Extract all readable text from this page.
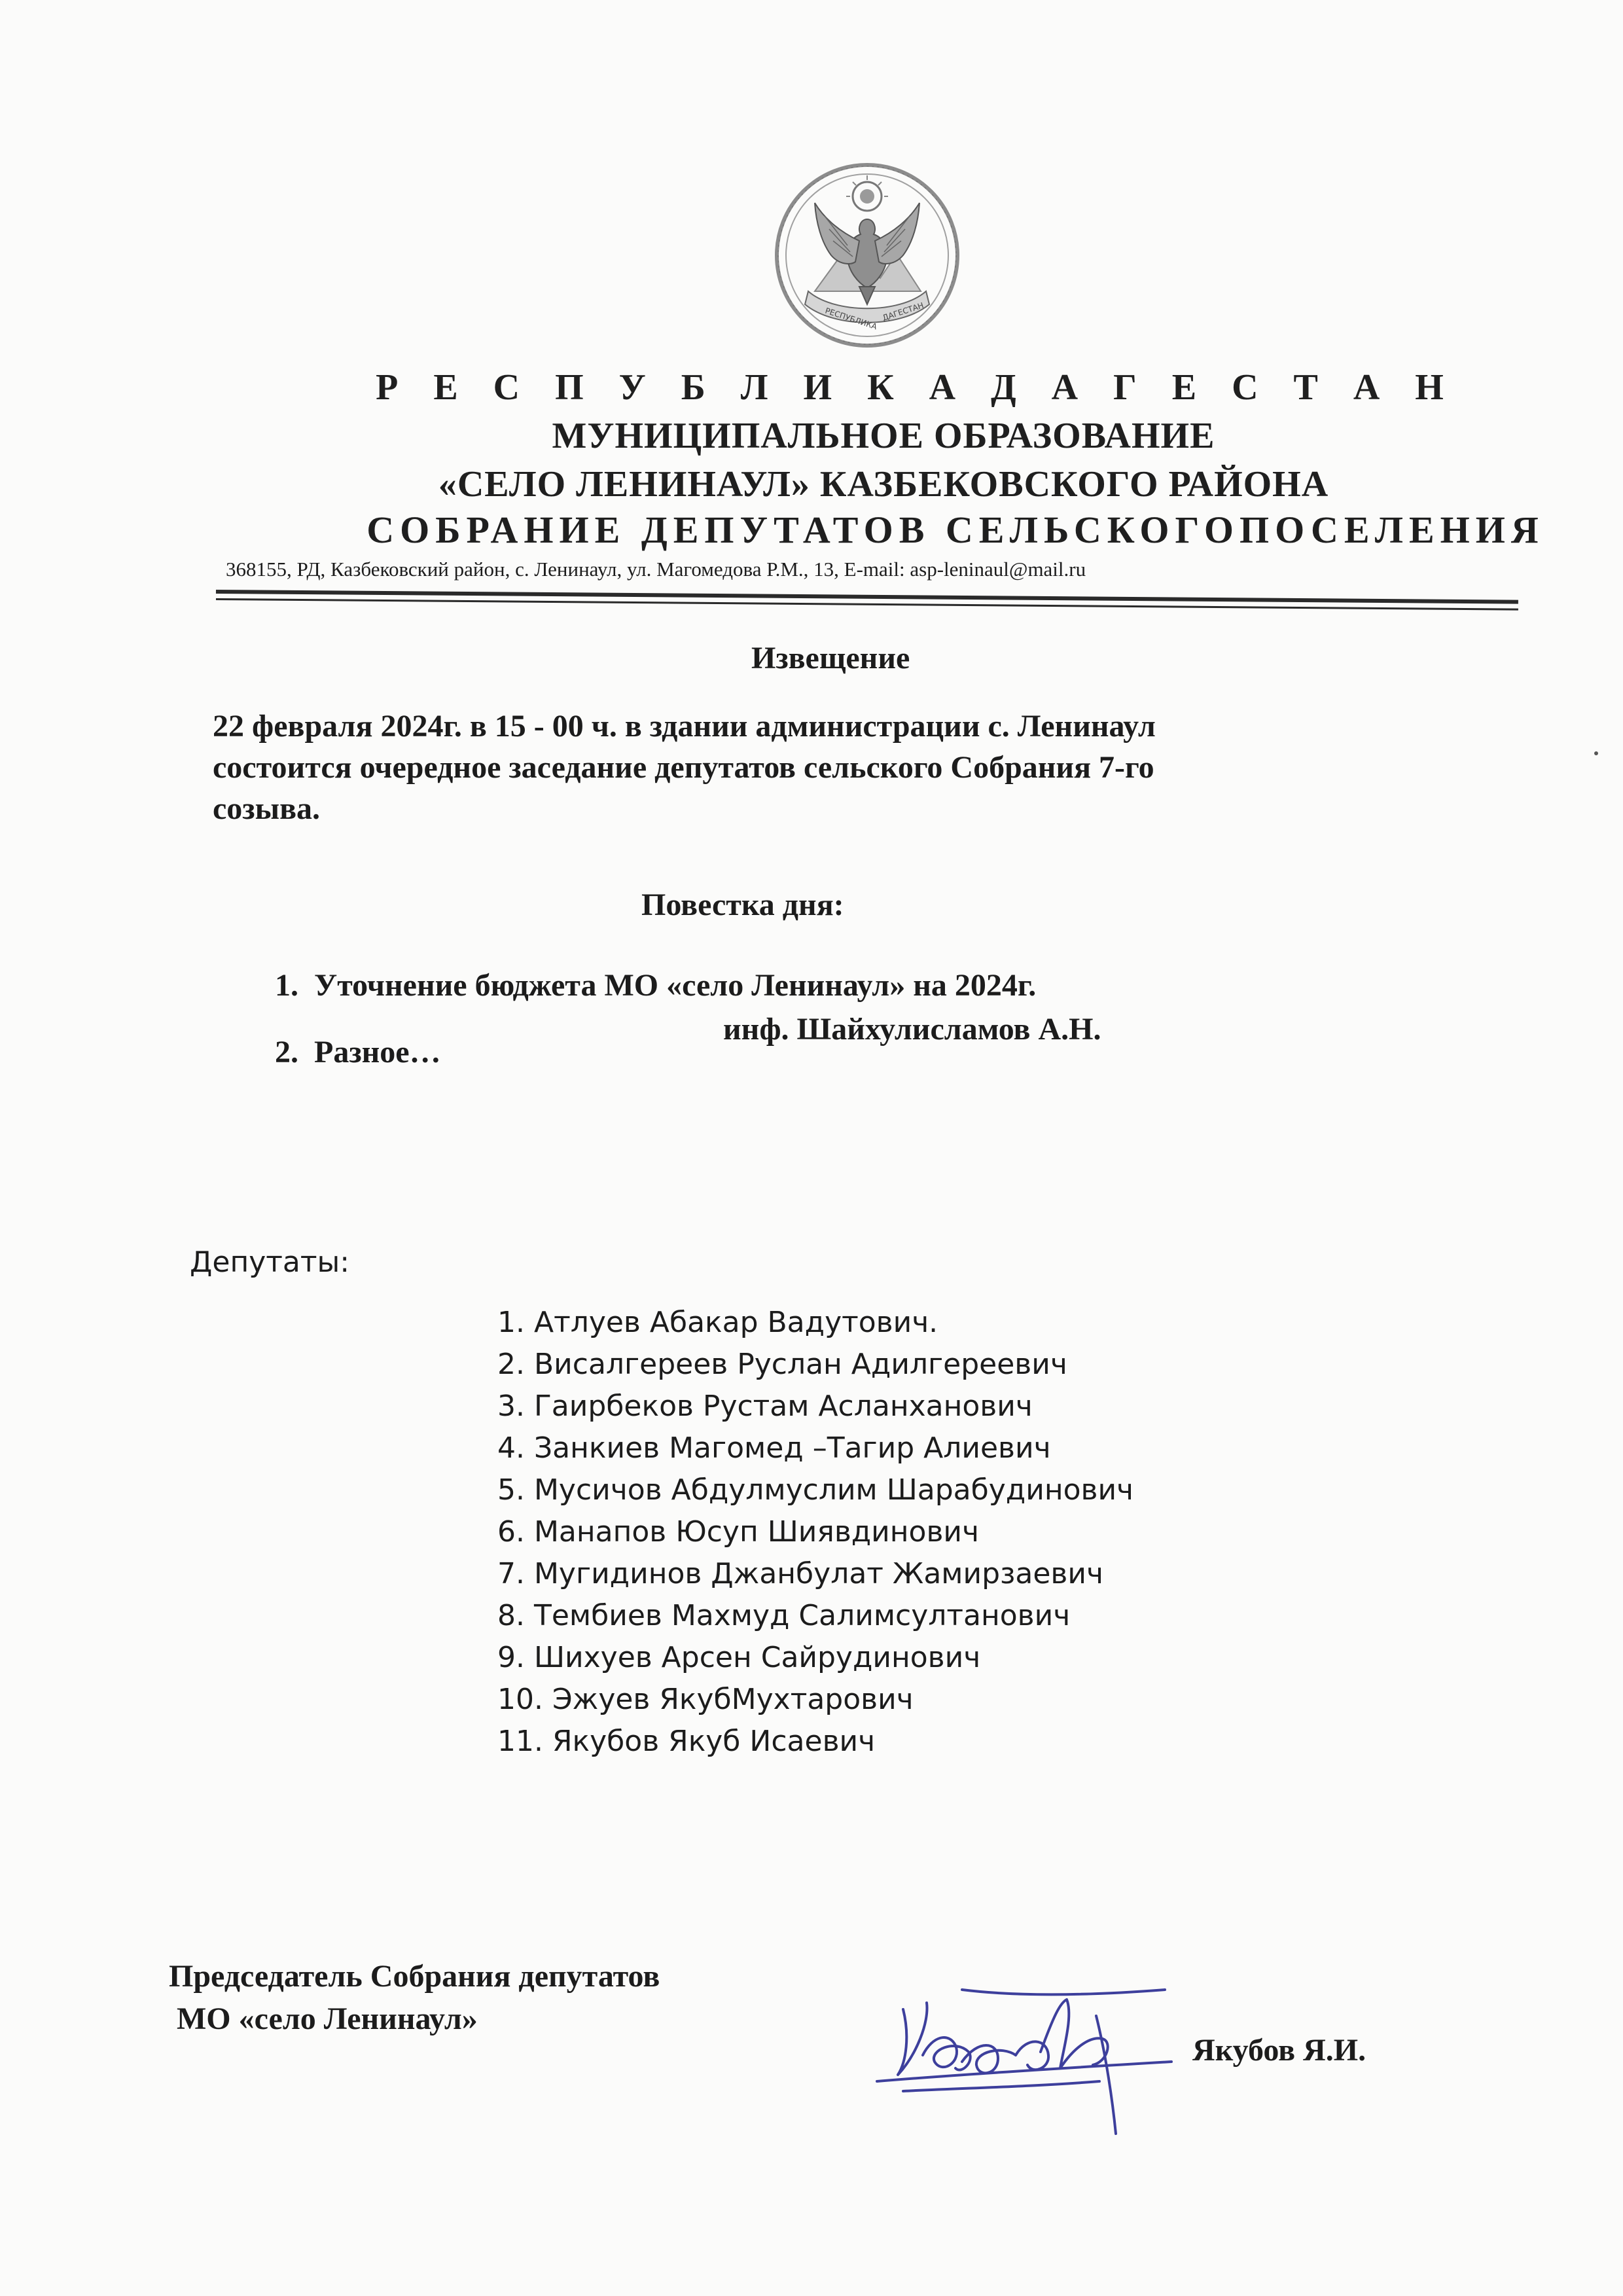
РЕСПУБЛИКА ДАГЕСТАН
Р Е С П У Б Л И К А Д А Г Е С Т А Н
МУНИЦИПАЛЬНОЕ ОБРАЗОВАНИЕ
«СЕЛО ЛЕНИНАУЛ» КАЗБЕКОВСКОГО РАЙОНА
СОБРАНИЕ ДЕПУТАТОВ СЕЛЬСКОГОПОСЕЛЕНИЯ
368155, РД, Казбековский район, с. Ленинаул, ул. Магомедова Р.М., 13, E-mail: asp-leninaul@mail.ru
Извещение
22 февраля 2024г. в 15 - 00 ч. в здании администрации с. Ленинаул
состоится очередное заседание депутатов сельского Собрания 7-го
созыва.
Повестка дня:
1. Уточнение бюджета МО «село Ленинаул» на 2024г.
инф. Шайхулисламов А.Н.
2. Разное…
Депутаты:
1. Атлуев Абакар Вадутович.
2. Висалгереев Руслан Адилгереевич
3. Гаирбеков Рустам Асланханович
4. Занкиев Магомед –Тагир Алиевич
5. Мусичов Абдулмуслим Шарабудинович
6. Манапов Юсуп Шиявдинович
7. Мугидинов Джанбулат Жамирзаевич
8. Тембиев Махмуд Салимсултанович
9. Шихуев Арсен Сайрудинович
10. Эжуев ЯкубМухтарович
11. Якубов Якуб Исаевич
Председатель Собрания депутатов
МО «село Ленинаул»
Якубов Я.И.
